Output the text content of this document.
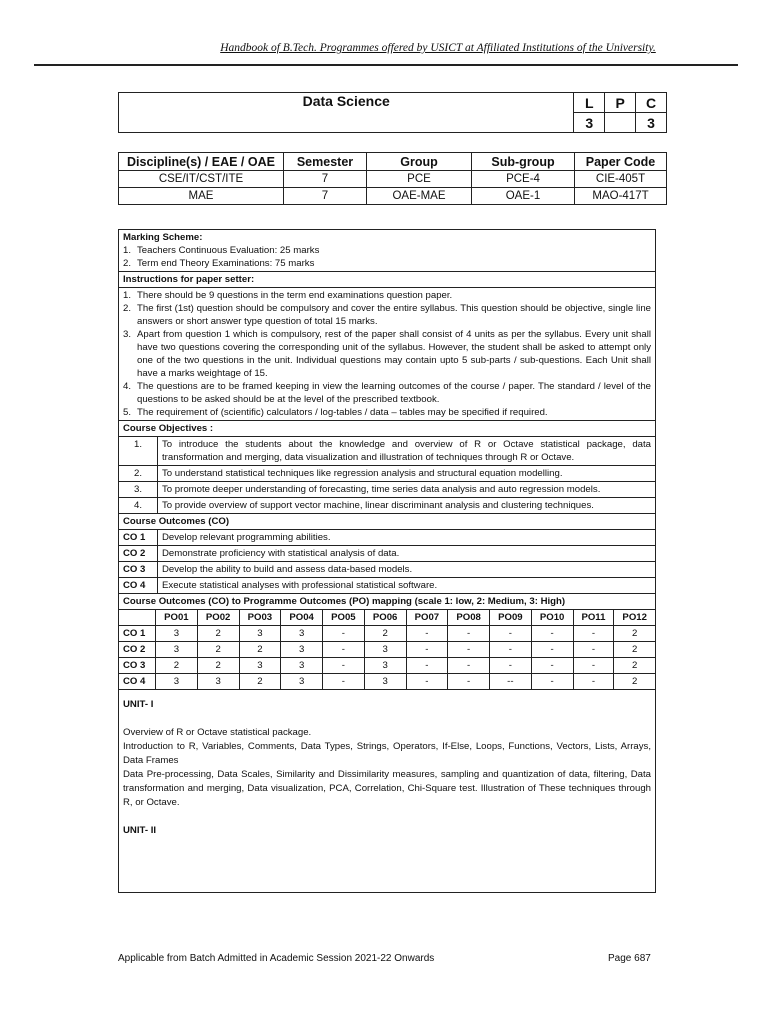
Handbook of B.Tech. Programmes offered by USICT at Affiliated Institutions of the University.
Data Science	L	P	C
	3		3
Discipline(s) / EAE / OAE	Semester	Group	Sub-group	Paper Code
CSE/IT/CST/ITE	7	PCE	PCE-4	CIE-405T
MAE	7	OAE-MAE	OAE-1	MAO-417T
Marking Scheme:
1. Teachers Continuous Evaluation: 25 marks
2. Term end Theory Examinations: 75 marks

Instructions for paper setter:

1. There should be 9 questions in the term end examinations question paper.
2. The first (1st) question should be compulsory and cover the entire syllabus. This question should be objective, single line answers or short answer type question of total 15 marks.
3. Apart from question 1 which is compulsory, rest of the paper shall consist of 4 units as per the syllabus. Every unit shall have two questions covering the corresponding unit of the syllabus. However, the student shall be asked to attempt only one of the two questions in the unit. Individual questions may contain upto 5 sub-parts / sub-questions. Each Unit shall have a marks weightage of 15.
4. The questions are to be framed keeping in view the learning outcomes of the course / paper. The standard / level of the questions to be asked should be at the level of the prescribed textbook.
5. The requirement of (scientific) calculators / log-tables / data – tables may be specified if required.
Course Objectives :	
1.	To introduce the students about the knowledge and overview of R or Octave statistical package, data transformation and merging, data visualization and illustration of techniques through R or Octave.
2.	To understand statistical techniques like regression analysis and structural equation modelling.
3.	To promote deeper understanding of forecasting, time series data analysis and auto regression models.
4.	To provide overview of support vector machine, linear discriminant analysis and clustering techniques.
Course Outcomes (CO)	
CO 1	Develop relevant programming abilities.
CO 2	Demonstrate proficiency with statistical analysis of data.
CO 3	Develop the ability to build and assess data-based models.
CO 4	Execute statistical analyses with professional statistical software.
Course Outcomes (CO) to Programme Outcomes (PO) mapping (scale 1: low, 2: Medium, 3: High)	
	PO01	PO02	PO03	PO04	PO05	PO06	PO07	PO08	PO09	PO10	PO11	PO12
CO 1	3	2	3	3	-	2	-	-	-	-	-	2
CO 2	3	2	2	3	-	3	-	-	-	-	-	2
CO 3	2	2	3	3	-	3	-	-	-	-	-	2
CO 4	3	3	2	3	-	3	-	-	--	-	-	2
UNIT- I
Overview of R or Octave statistical package.
Introduction to R, Variables, Comments, Data Types, Strings, Operators, If-Else, Loops, Functions, Vectors, Lists, Arrays, Data Frames
Data Pre-processing, Data Scales, Similarity and Dissimilarity measures, sampling and quantization of data, filtering, Data transformation and merging, Data visualization, PCA, Correlation, Chi-Square test. Illustration of These techniques through R, or Octave.
UNIT- II
Applicable from Batch Admitted in Academic Session 2021-22 Onwards	Page 687
